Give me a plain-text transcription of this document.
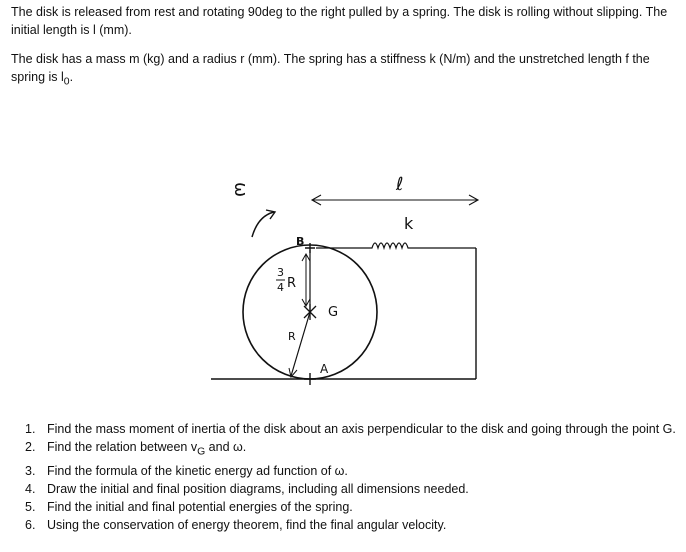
The disk is released from rest and rotating 90deg to the right pulled by a spring. The disk is rolling without slipping. The initial length is l (mm).

The disk has a mass m (kg) and a radius r (mm). The spring has a stiffness k (N/m) and the unstretched length f the spring is $l_0$.

ω	ℓ
k
B
G
A
R
3
4 R
1. Find the mass moment of inertia of the disk about an axis perpendicular to the disk and going through the point G.
2. Find the relation between $v_G$ and ω.
3. Find the formula of the kinetic energy ad function of ω.
4. Draw the initial and final position diagrams, including all dimensions needed.
5. Find the initial and final potential energies of the spring.
6. Using the conservation of energy theorem, find the final angular velocity.
